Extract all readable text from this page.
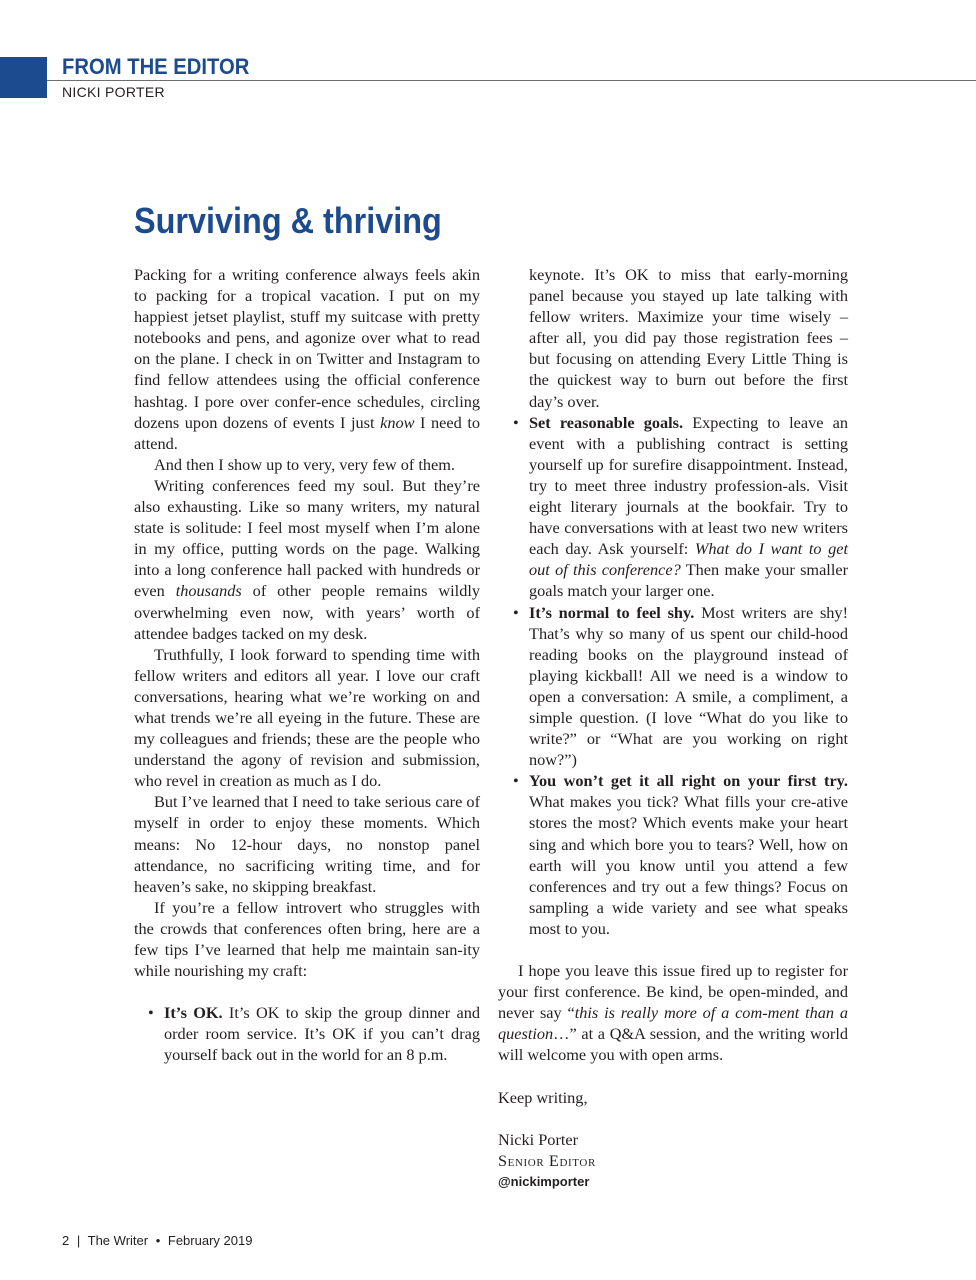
FROM THE EDITOR
NICKI PORTER
Surviving & thriving

Packing for a writing conference always feels akin to packing for a tropical vacation. I put on my happiest jetset playlist, stuff my suitcase with pretty notebooks and pens, and agonize over what to read on the plane. I check in on Twitter and Instagram to find fellow attendees using the official conference hashtag. I pore over confer-ence schedules, circling dozens upon dozens of events I just know I need to attend.

And then I show up to very, very few of them.

Writing conferences feed my soul. But they’re also exhausting. Like so many writers, my natural state is solitude: I feel most myself when I’m alone in my office, putting words on the page. Walking into a long conference hall packed with hundreds or even thousands of other people remains wildly overwhelming even now, with years’ worth of attendee badges tacked on my desk.

Truthfully, I look forward to spending time with fellow writers and editors all year. I love our craft conversations, hearing what we’re working on and what trends we’re all eyeing in the future. These are my colleagues and friends; these are the people who understand the agony of revision and submission, who revel in creation as much as I do.

But I’ve learned that I need to take serious care of myself in order to enjoy these moments. Which means: No 12-hour days, no nonstop panel attendance, no sacrificing writing time, and for heaven’s sake, no skipping breakfast.

If you’re a fellow introvert who struggles with the crowds that conferences often bring, here are a few tips I’ve learned that help me maintain san-ity while nourishing my craft:

• It’s OK. It’s OK to skip the group dinner and order room service. It’s OK if you can’t drag yourself back out in the world for an 8 p.m.

keynote. It’s OK to miss that early-morning panel because you stayed up late talking with fellow writers. Maximize your time wisely – after all, you did pay those registration fees – but focusing on attending Every Little Thing is the quickest way to burn out before the first day’s over.

• Set reasonable goals. Expecting to leave an event with a publishing contract is setting yourself up for surefire disappointment. Instead, try to meet three industry profession-als. Visit eight literary journals at the bookfair. Try to have conversations with at least two new writers each day. Ask yourself: What do I want to get out of this conference? Then make your smaller goals match your larger one.
• It’s normal to feel shy. Most writers are shy! That’s why so many of us spent our child-hood reading books on the playground instead of playing kickball! All we need is a window to open a conversation: A smile, a compliment, a simple question. (I love “What do you like to write?” or “What are you working on right now?”)
• You won’t get it all right on your first try. What makes you tick? What fills your cre-ative stores the most? Which events make your heart sing and which bore you to tears? Well, how on earth will you know until you attend a few conferences and try out a few things? Focus on sampling a wide variety and see what speaks most to you.

I hope you leave this issue fired up to register for your first conference. Be kind, be open-minded, and never say “this is really more of a com-ment than a question…” at a Q&A session, and the writing world will welcome you with open arms.

Keep writing,

Nicki Porter

Senior Editor

@nickimporter

2 | The Writer • February 2019
